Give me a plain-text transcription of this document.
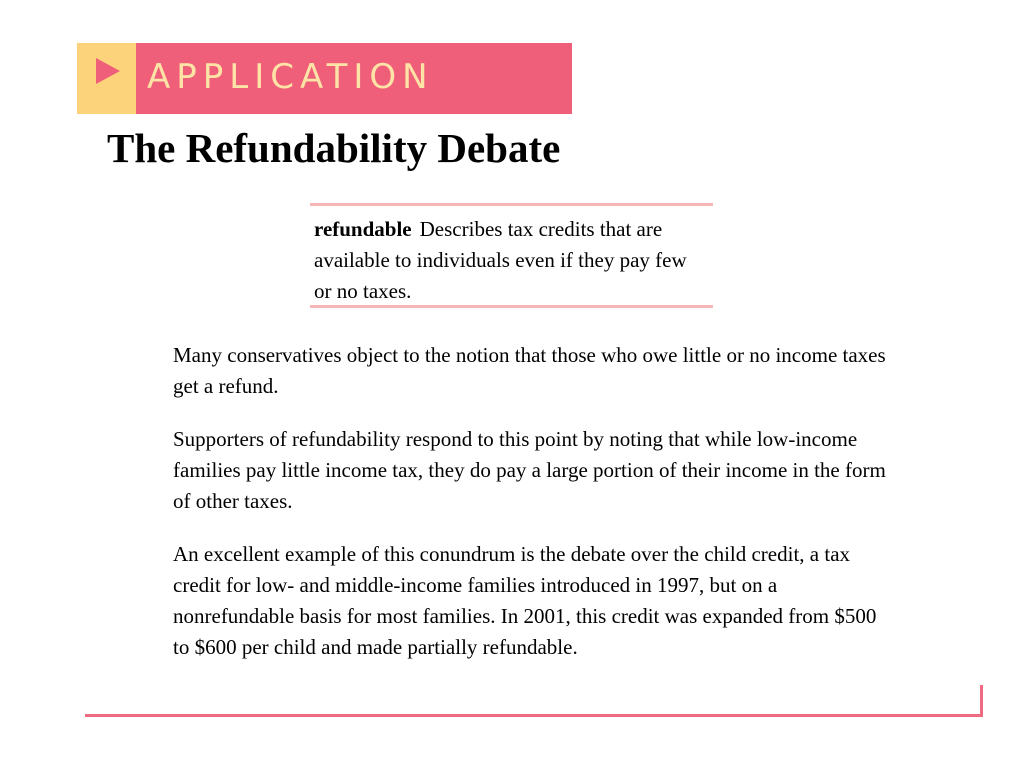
APPLICATION
The Refundability Debate
refundable Describes tax credits that are available to individuals even if they pay few or no taxes.

Many conservatives object to the notion that those who owe little or no income taxes get a refund.

Supporters of refundability respond to this point by noting that while low-income families pay little income tax, they do pay a large portion of their income in the form of other taxes.

An excellent example of this conundrum is the debate over the child credit, a tax credit for low- and middle-income families introduced in 1997, but on a nonrefundable basis for most families. In 2001, this credit was expanded from $500 to $600 per child and made partially refundable.
